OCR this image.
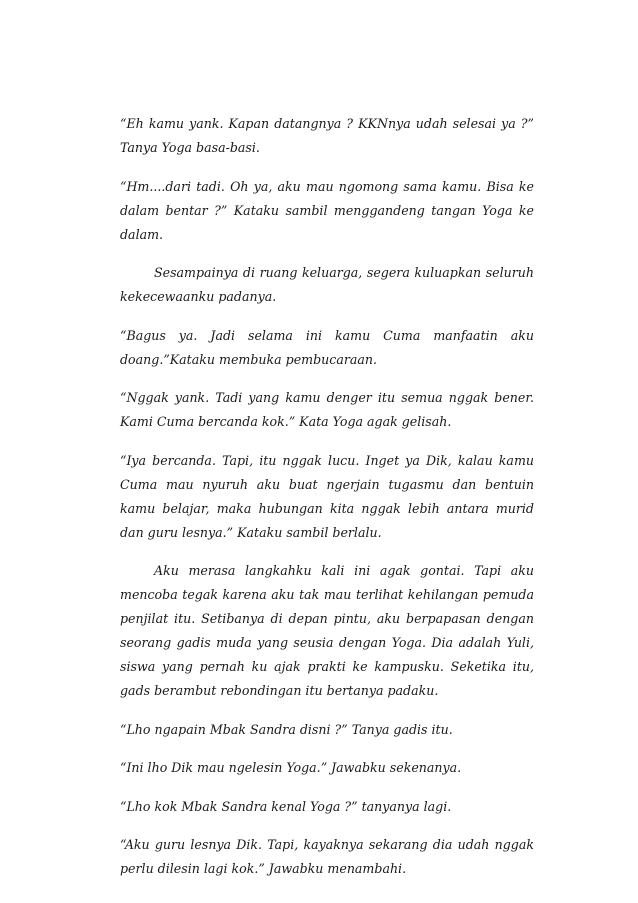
“Eh kamu yank. Kapan datangnya ? KKNnya udah selesai ya ?” Tanya Yoga basa-basi.

“Hm....dari tadi. Oh ya, aku mau ngomong sama kamu. Bisa ke dalam bentar ?” Kataku sambil menggandeng tangan Yoga ke dalam.

Sesampainya di ruang keluarga, segera kuluapkan seluruh kekecewaanku padanya.

“Bagus ya. Jadi selama ini kamu Cuma manfaatin aku doang.”Kataku membuka pembucaraan.

“Nggak yank. Tadi yang kamu denger itu semua nggak bener. Kami Cuma bercanda kok.” Kata Yoga agak gelisah.

“Iya bercanda. Tapi, itu nggak lucu. Inget ya Dik, kalau kamu Cuma mau nyuruh aku buat ngerjain tugasmu dan bentuin kamu belajar, maka hubungan kita nggak lebih antara murid dan guru lesnya.” Kataku sambil berlalu.

Aku merasa langkahku kali ini agak gontai. Tapi aku mencoba tegak karena aku tak mau terlihat kehilangan pemuda penjilat itu. Setibanya di depan pintu, aku berpapasan dengan seorang gadis muda yang seusia dengan Yoga. Dia adalah Yuli, siswa yang pernah ku ajak prakti ke kampusku. Seketika itu, gads berambut rebondingan itu bertanya padaku.

“Lho ngapain Mbak Sandra disni ?” Tanya gadis itu.

“Ini lho Dik mau ngelesin Yoga.” Jawabku sekenanya.

“Lho kok Mbak Sandra kenal Yoga ?” tanyanya lagi.

“Aku guru lesnya Dik. Tapi, kayaknya sekarang dia udah nggak perlu dilesin lagi kok.” Jawabku menambahi.
